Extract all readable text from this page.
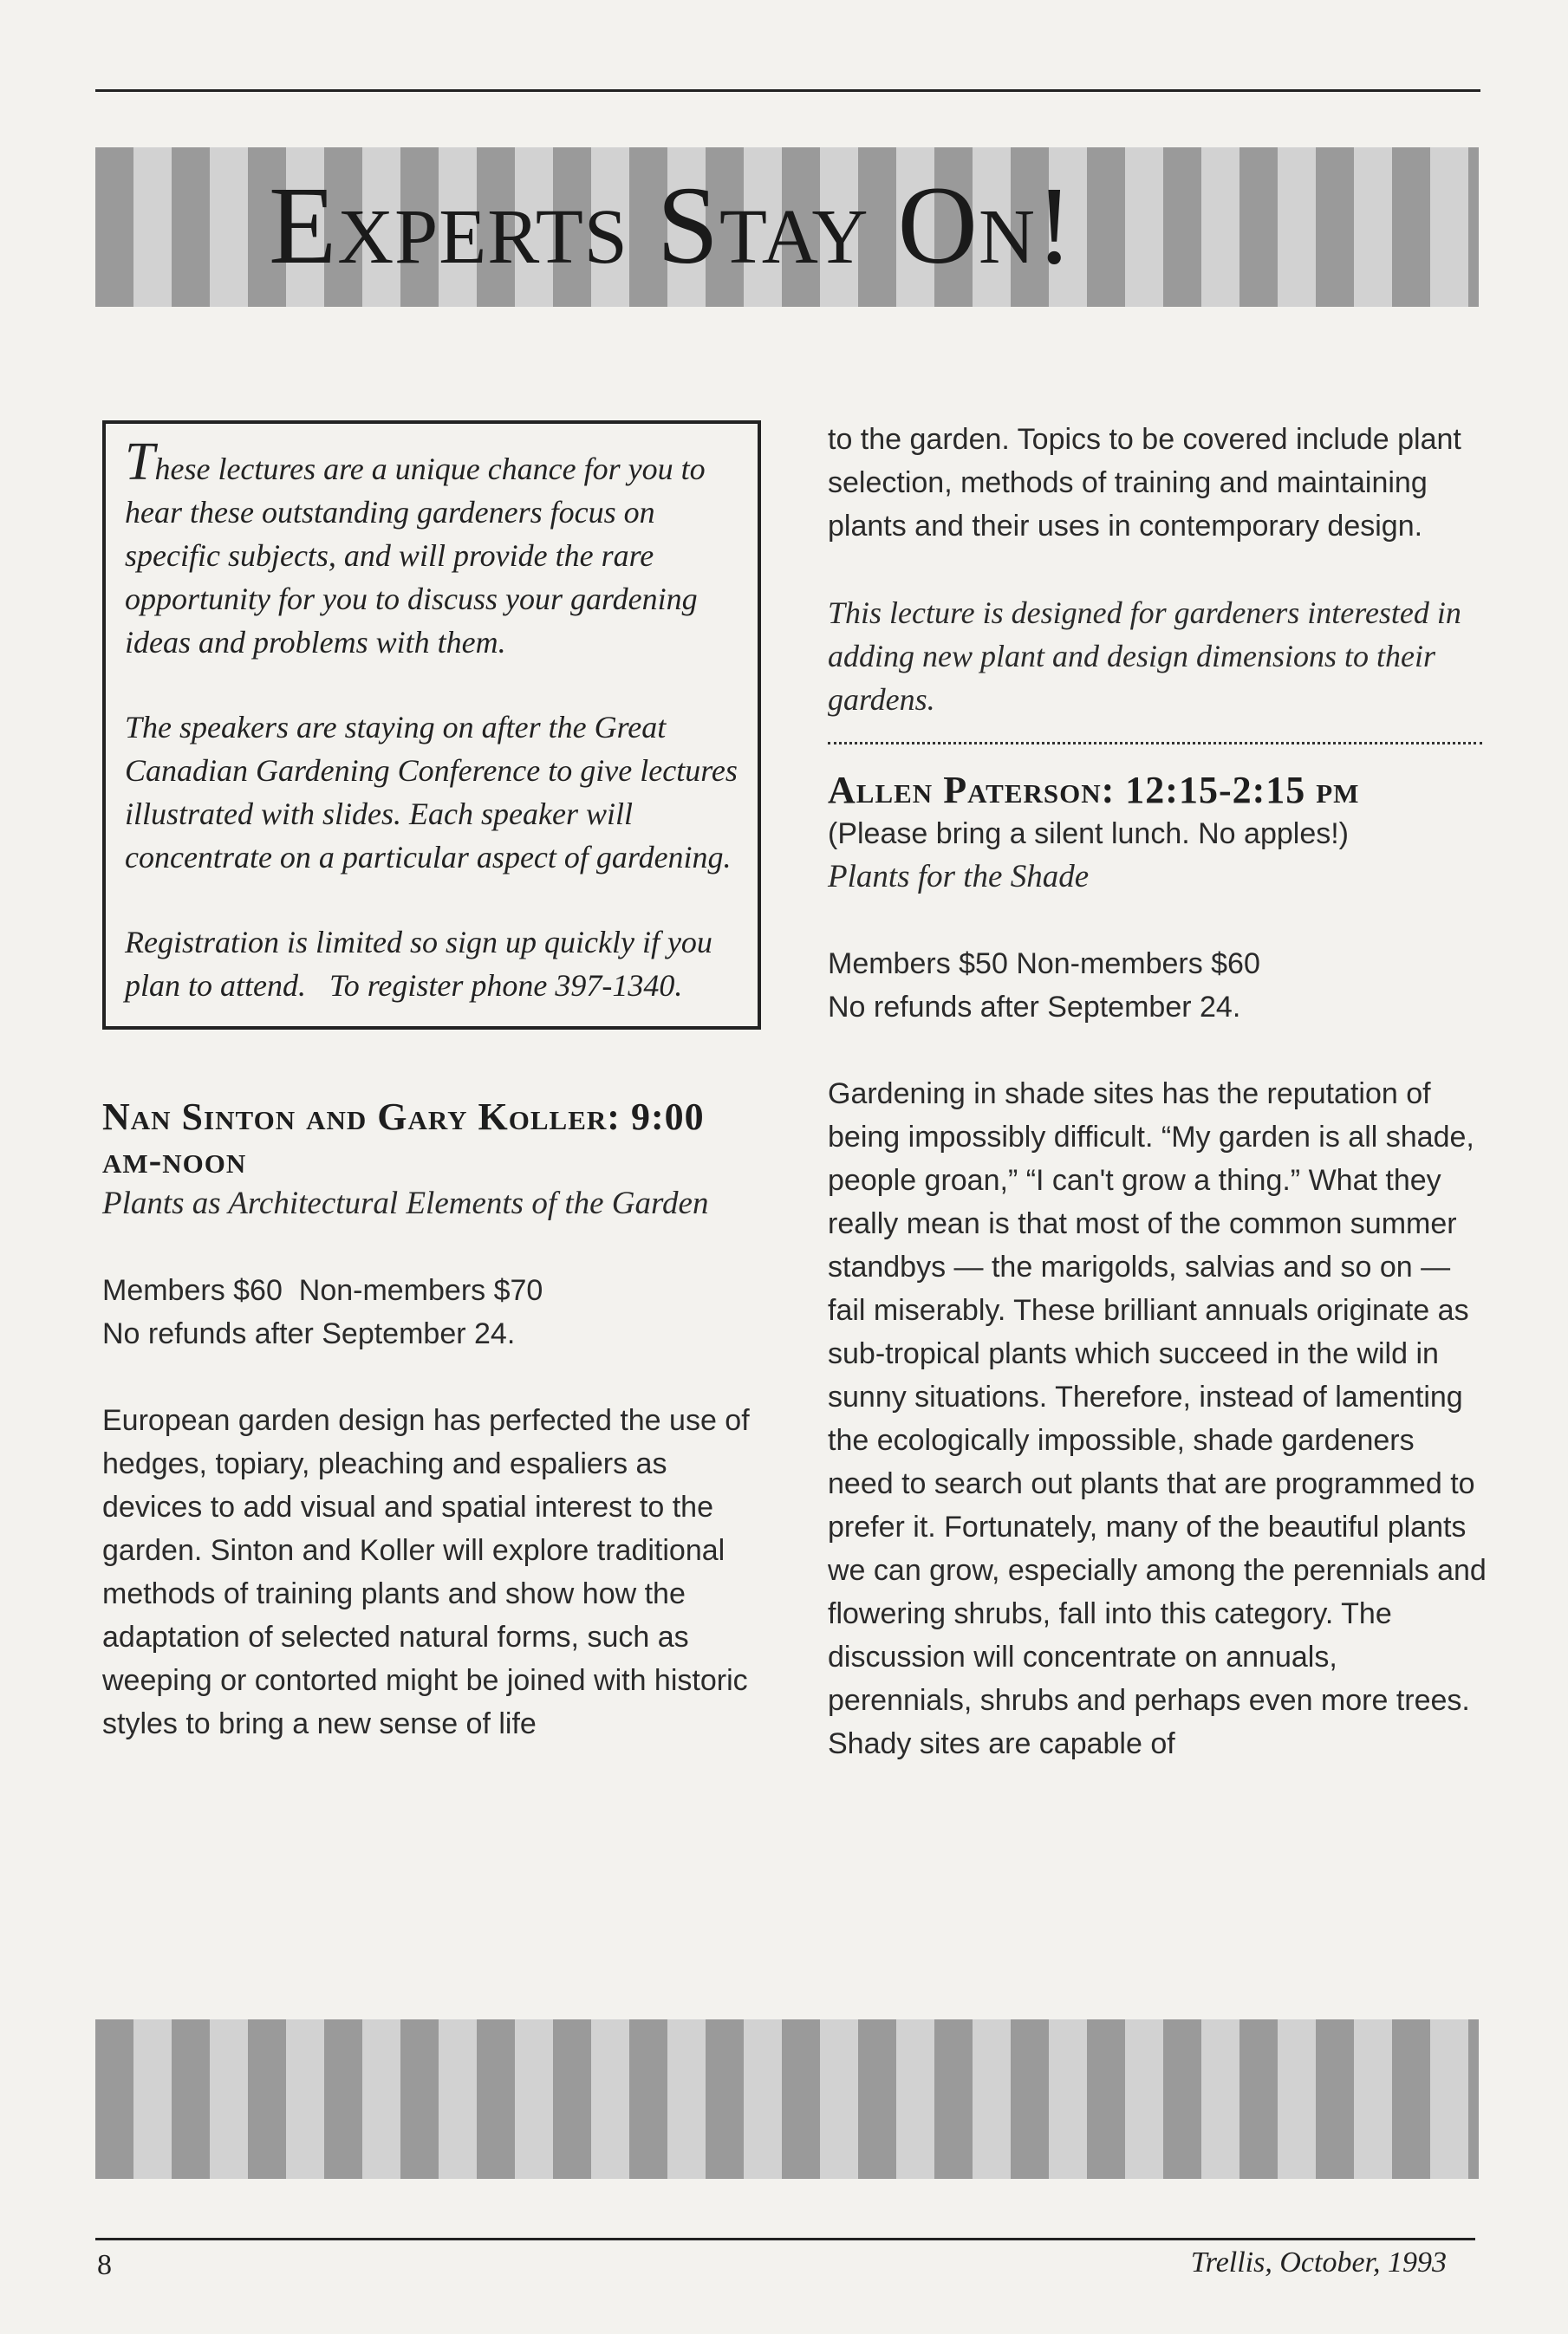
Experts Stay On!

These lectures are a unique chance for you to hear these outstanding gardeners focus on specific subjects, and will provide the rare opportunity for you to discuss your gardening ideas and problems with them.

The speakers are staying on after the Great Canadian Gardening Conference to give lectures illustrated with slides. Each speaker will concentrate on a particular aspect of gardening.

Registration is limited so sign up quickly if you plan to attend. To register phone 397-1340.

Nan Sinton and Gary Koller: 9:00 am-noon

Plants as Architectural Elements of the Garden

Members $60  Non-members $70

No refunds after September 24.

European garden design has perfected the use of hedges, topiary, pleaching and espaliers as devices to add visual and spatial interest to the garden. Sinton and Koller will explore traditional methods of training plants and show how the adaptation of selected natural forms, such as weeping or contorted might be joined with historic styles to bring a new sense of life

to the garden. Topics to be covered include plant selection, methods of training and maintaining plants and their uses in contemporary design.

This lecture is designed for gardeners interested in adding new plant and design dimensions to their gardens.

Allen Paterson: 12:15-2:15 pm

(Please bring a silent lunch. No apples!)

Plants for the Shade

Members $50 Non-members $60

No refunds after September 24.

Gardening in shade sites has the reputation of being impossibly difficult. “My garden is all shade, people groan,” “I can't grow a thing.” What they really mean is that most of the common summer standbys — the marigolds, salvias and so on — fail miserably. These brilliant annuals originate as sub-tropical plants which succeed in the wild in sunny situations. Therefore, instead of lamenting the ecologically impossible, shade gardeners need to search out plants that are programmed to prefer it. Fortunately, many of the beautiful plants we can grow, especially among the perennials and flowering shrubs, fall into this category. The discussion will concentrate on annuals, perennials, shrubs and perhaps even more trees. Shady sites are capable of

8	Trellis, October, 1993
